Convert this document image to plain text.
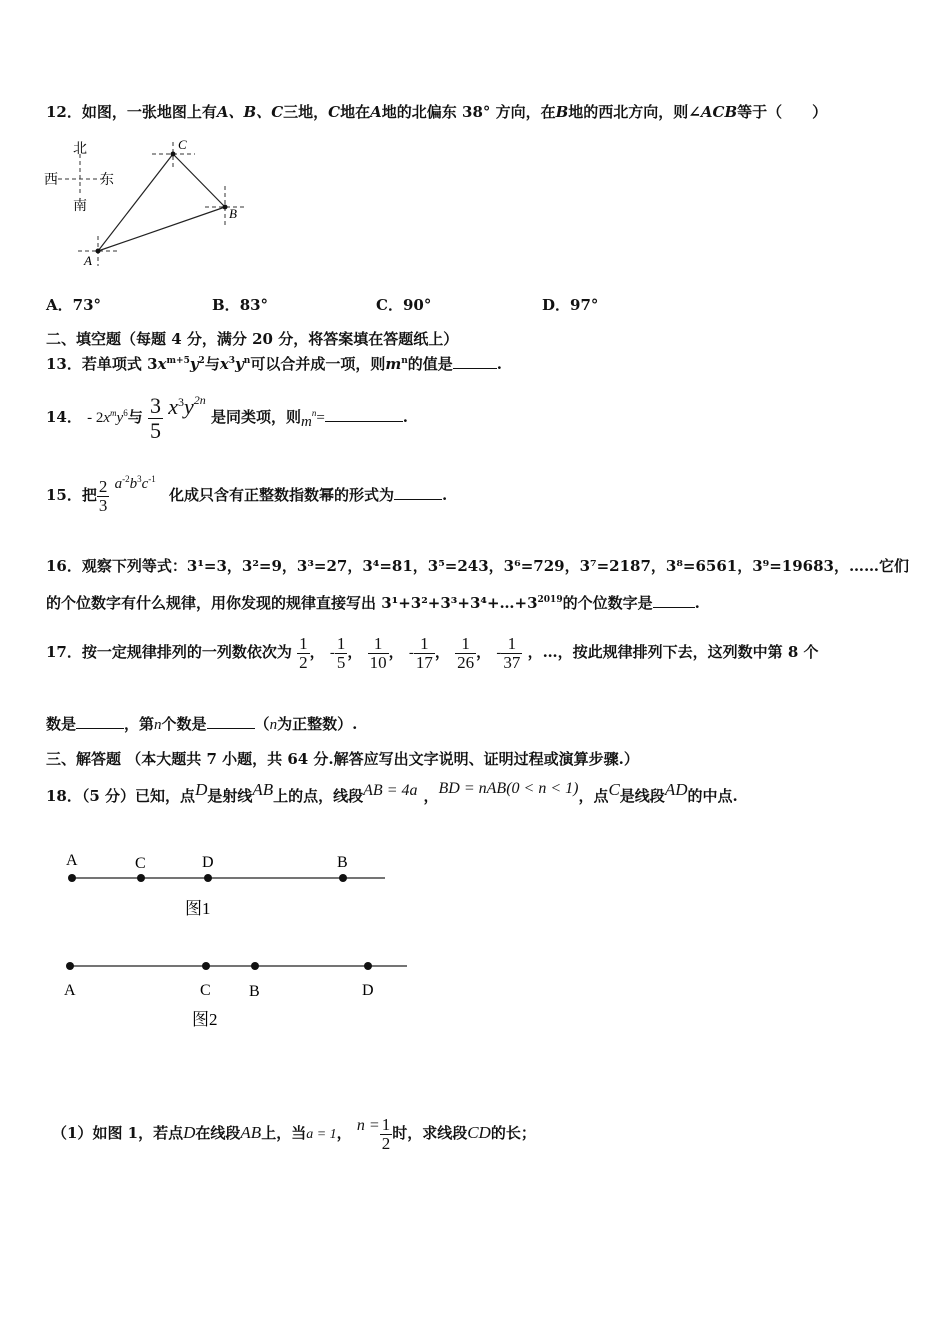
12．如图，一张地图上有A、B、C三地，C地在A地的北偏东 38° 方向，在B地的西北方向，则∠ACB等于（　　）
北
南
西	东
C
B
A
A．73°	B．83°	C．90°	D．97°
二、填空题（每题 4 分，满分 20 分，将答案填在答题纸上）
13．若单项式 $3x^{m+5}y^2$与$x^3y^n$可以合并成一项，则$m^n$的值是	.
14． - $2x^my^6$与 $\frac{3}{5} x^3y^{2n}$ 是同类项，则$m^n=$	.
15．把 $\frac{2}{3} a^{-2}b^3c^{-1}$ 化成只含有正整数指数幂的形式为	.
16．观察下列等式：3¹=3，3²=9，3³=27，3⁴=81，3⁵=243，3⁶=729，3⁷=2187，3⁸=6561，3⁹=19683，……它们
的个位数字有什么规律，用你发现的规律直接写出 $3^1+3^2+3^3+3^4+\dots+3^{2019}$的个位数字是	.
17．按一定规律排列的一列数依次为 $\frac{1}{2}$ ， - $\frac{1}{5}$ ， $\frac{1}{10}$ ， - $\frac{1}{17}$ ， $\frac{1}{26}$ ， - $\frac{1}{37}$ ，…，按此规律排列下去，这列数中第 8 个
数是	，第n个数是	（n为正整数）.
三、解答题 （本大题共 7 小题，共 64 分.解答应写出文字说明、证明过程或演算步骤.）
18．（5 分）已知，点D是射线AB上的点，线段AB = 4a ，BD = nAB(0 < n < 1)，点C是线段AD的中点.
A	C	D	B
图1
A	C B	D
图2
（1）如图 1，若点D在线段AB上，当a = 1， $n = \frac{1}{2}$ 时，求线段CD的长；
